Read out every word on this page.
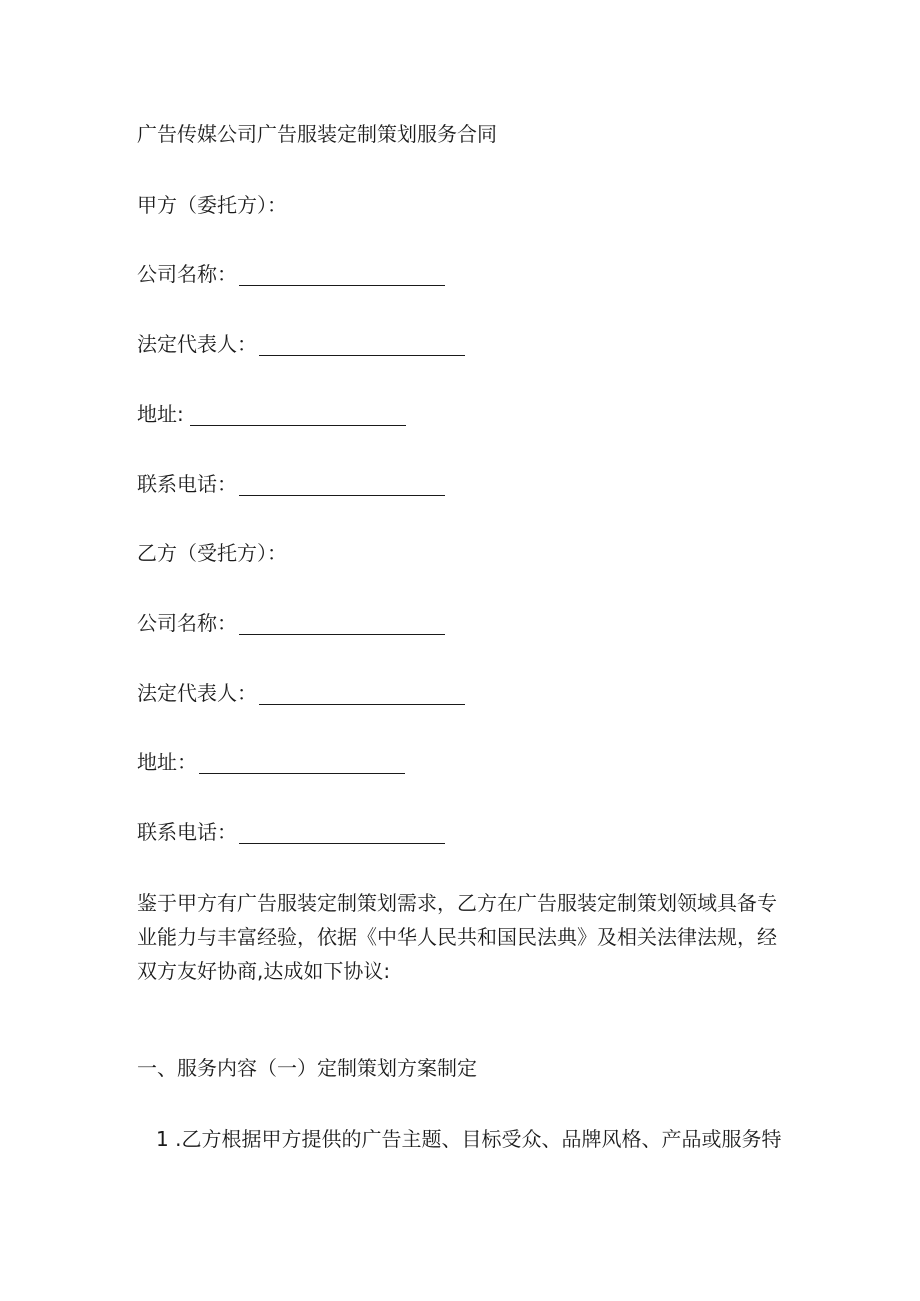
广告传媒公司广告服装定制策划服务合同
甲方（委托方）：
公司名称：
法定代表人：
地址:
联系电话：
乙方（受托方）：
公司名称：
法定代表人：
地址：
联系电话：
鉴于甲方有广告服装定制策划需求，乙方在广告服装定制策划领域具备专
业能力与丰富经验，依据《中华人民共和国民法典》及相关法律法规，经
双方友好协商,达成如下协议:
一、服务内容（一）定制策划方案制定
1 .乙方根据甲方提供的广告主题、目标受众、品牌风格、产品或服务特
